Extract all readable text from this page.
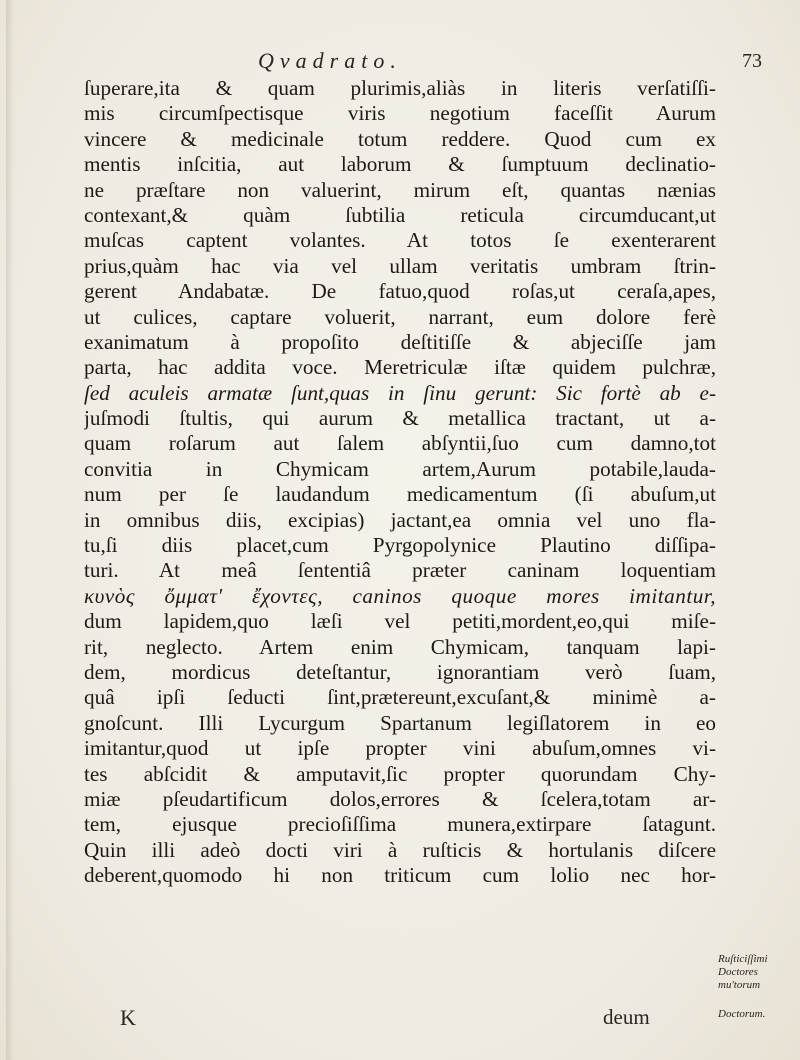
Qvadrato.	73
ſuperare,ita & quam plurimis,aliàs in literis verſatiſſi-
mis circumſpectisque viris negotium faceſſit Aurum
vincere & medicinale totum reddere. Quod cum ex
mentis inſcitia, aut laborum & ſumptuum declinatio-
ne præſtare non valuerint, mirum eſt, quantas nænias
contexant,& quàm ſubtilia reticula circumducant,ut
muſcas captent volantes. At totos ſe exenterarent
prius,quàm hac via vel ullam veritatis umbram ſtrin-
gerent Andabatæ. De fatuo,quod roſas,ut ceraſa,apes,
ut culices, captare voluerit, narrant, eum dolore ferè
exanimatum à propoſito deſtitiſſe & abjeciſſe jam
parta, hac addita voce. Meretriculæ iſtæ quidem pulchræ,
ſed aculeis armatæ ſunt,quas in ſinu gerunt: Sic fortè ab e-
juſmodi ſtultis, qui aurum & metallica tractant, ut a-
quam roſarum aut ſalem abſyntii,ſuo cum damno,tot
convitia in Chymicam artem,Aurum potabile,lauda-
num per ſe laudandum medicamentum (ſi abuſum,ut
in omnibus diis, excipias) jactant,ea omnia vel uno fla-
tu,ſi diis placet,cum Pyrgopolynice Plautino diſſipa-
turi. At meâ ſententiâ præter caninam loquentiam
κυνὸς ὄμματ' ἔχοντες, caninos quoque mores imitantur,
dum lapidem,quo læſi vel petiti,mordent,eo,qui miſe-
rit, neglecto. Artem enim Chymicam, tanquam lapi-
dem, mordicus deteſtantur, ignorantiam verò ſuam,
quâ ipſi ſeducti ſint,prætereunt,excuſant,& minimè a-
gnoſcunt. Illi Lycurgum Spartanum legiſlatorem in eo
imitantur,quod ut ipſe propter vini abuſum,omnes vi-
tes abſcidit & amputavit,ſic propter quorundam Chy-
miæ pſeudartificum dolos,errores & ſcelera,totam ar-
tem, ejusque precioſiſſima munera,extirpare ſatagunt.
Quin illi adeò docti viri à ruſticis & hortulanis diſcere
deberent,quomodo hi non triticum cum lolio nec hor-
Ruſticiſſimi
Doctores
mu'torum
K	deum	Doctorum.
